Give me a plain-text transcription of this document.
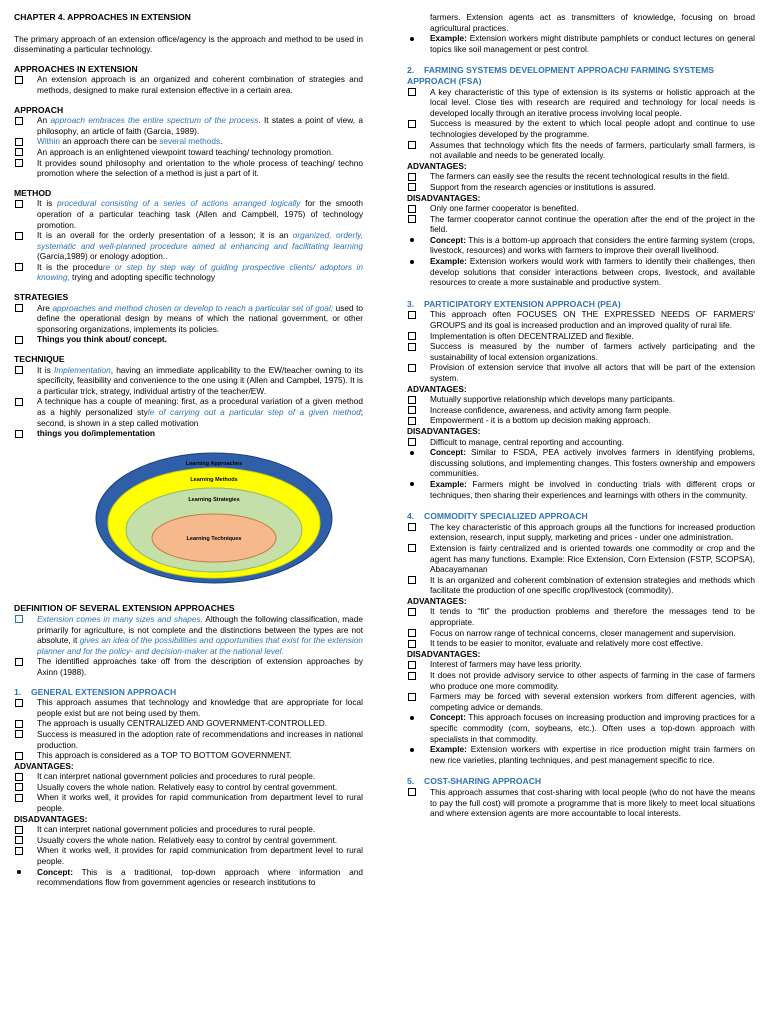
CHAPTER 4. APPROACHES IN EXTENSION

The primary approach of an extension office/agency is the approach and method to be used in disseminating a particular technology.

APPROACHES IN EXTENSION
An extension approach is an organized and coherent combination of strategies and methods, designed to make rural extension effective in a certain area.
APPROACH
An approach embraces the entire spectrum of the process. It states a point of view, a philosophy, an article of faith (Garcia, 1989).
Within an approach there can be several methods.
An approach is an enlightened viewpoint toward teaching/ technology promotion.
It provides sound philosophy and orientation to the whole process of teaching/ techno promotion where the selection of a method is just a part of it.
METHOD
It is procedural consisting of a series of actions arranged logically for the smooth operation of a particular teaching task (Allen and Campbell, 1975) of technology promotion.
It is an overall for the orderly presentation of a lesson; it is an organized, orderly, systematic and well-planned procedure aimed at enhancing and facilitating learning (Garcia,1989) or enology adoption..
It is the procedure or step by step way of guiding prospective clients/ adoptors in knowing, trying and adopting specific technology
STRATEGIES
Are approaches and method chosen or develop to reach a particular set of goal; used to define the operational design by means of which the national government, or other sponsoring organizations, implements its policies.
Things you think about/ concept.
TECHNIQUE
It is Implementation, having an immediate applicability to the EW/teacher owning to its specificity, feasibility and convenience to the one using it (Allen and Campbel, 1975). It is a particular trick, strategy, individual artistry of the teacher/EW.
A technique has a couple of meaning: first, as a procedural variation of a given method as a highly personalized style of carrying out a particular step of a given method; second, is shown in a step called motivation
things you do/implementation
Learning Approaches
Learning Methods
Learning Strategies
Learning Techniques
DEFINITION OF SEVERAL EXTENSION APPROACHES
Extension comes in many sizes and shapes. Although the following classification, made primarily for agriculture, is not complete and the distinctions between the types are not absolute, it gives an idea of the possibilities and opportunities that exist for the extension planner and for the policy- and decision-maker at the national level.
The identified approaches take off from the description of extension approaches by Axinn (1988).
1. GENERAL EXTENSION APPROACH
This approach assumes that technology and knowledge that are appropriate for local people exist but are not being used by them.
The approach is usually CENTRALIZED AND GOVERNMENT-CONTROLLED.
Success is measured in the adoption rate of recommendations and increases in national production.
This approach is considered as a TOP TO BOTTOM GOVERNMENT.
ADVANTAGES:
It can interpret national government policies and procedures to rural people.
Usually covers the whole nation. Relatively easy to control by central government.
When it works well, it provides for rapid communication from department level to rural people.
DISADVANTAGES:
It can interpret national government policies and procedures to rural people.
Usually covers the whole nation. Relatively easy to control by central government.
When it works well, it provides for rapid communication from department level to rural people.
Concept: This is a traditional, top-down approach where information and recommendations flow from government agencies or research institutions to
farmers. Extension agents act as transmitters of knowledge, focusing on broad agricultural practices.
Example: Extension workers might distribute pamphlets or conduct lectures on general topics like soil management or pest control.
2. FARMING SYSTEMS DEVELOPMENT APPROACH/ FARMING SYSTEMS APPROACH (FSA)
A key characteristic of this type of extension is its systems or holistic approach at the local level. Close ties with research are required and technology for local needs is developed locally through an iterative process involving local people.
Success is measured by the extent to which local people adopt and continue to use technologies developed by the programme.
Assumes that technology which fits the needs of farmers, particularly small farmers, is not available and needs to be generated locally.
ADVANTAGES:
The farmers can easily see the results the recent technological results in the field.
Support from the research agencies or institutions is assured.
DISADVANTAGES:
Only one farmer cooperator is benefited.
The farmer cooperator cannot continue the operation after the end of the project in the field.
Concept: This is a bottom-up approach that considers the entire farming system (crops, livestock, resources) and works with farmers to improve their overall livelihood.
Example: Extension workers would work with farmers to identify their challenges, then develop solutions that consider interactions between crops, livestock, and available resources to create a more sustainable and productive system.
3. PARTICIPATORY EXTENSION APPROACH (PEA)
This approach often FOCUSES ON THE EXPRESSED NEEDS OF FARMERS' GROUPS and its goal is increased production and an improved quality of rural life.
Implementation is often DECENTRALIZED and flexible.
Success is measured by the number of farmers actively participating and the sustainability of local extension organizations.
Provision of extension service that involve all actors that will be part of the extension system.
ADVANTAGES:
Mutually supportive relationship which develops many participants.
Increase confidence, awareness, and activity among farm people.
Empowerment - it is a bottom up decision making approach.
DISADVANTAGES:
Difficult to manage, central reporting and accounting.
Concept: Similar to FSDA, PEA actively involves farmers in identifying problems, discussing solutions, and implementing changes. This fosters ownership and empowers communities.
Example: Farmers might be involved in conducting trials with different crops or techniques, then sharing their experiences and learnings with others in the community.
4. COMMODITY SPECIALIZED APPROACH
The key characteristic of this approach groups all the functions for increased production extension, research, input supply, marketing and prices - under one administration.
Extension is fairly centralized and is oriented towards one commodity or crop and the agent has many functions. Example: Rice Extension, Corn Extension (FSTP, SCOPSA), Abacayamanan
It is an organized and coherent combination of extension strategies and methods which facilitate the production of one specific crop/livestock (commodity).
ADVANTAGES:
It tends to “fit” the production problems and therefore the messages tend to be appropriate.
Focus on narrow range of technical concerns, closer management and supervision.
It tends to be easier to monitor, evaluate and relatively more cost effective.
DISADVANTAGES:
Interest of farmers may have less priority.
It does not provide advisory service to other aspects of farming in the case of farmers who produce one more commodity.
Farmers may be forced with several extension workers from different agencies, with competing advice or demands.
Concept: This approach focuses on increasing production and improving practices for a specific commodity (corn, soybeans, etc.). Often uses a top-down approach with specialists in that commodity.
Example: Extension workers with expertise in rice production might train farmers on new rice varieties, planting techniques, and pest management specific to rice.
5. COST-SHARING APPROACH
This approach assumes that cost-sharing with local people (who do not have the means to pay the full cost) will promote a programme that is more likely to meet local situations and where extension agents are more accountable to local interests.
